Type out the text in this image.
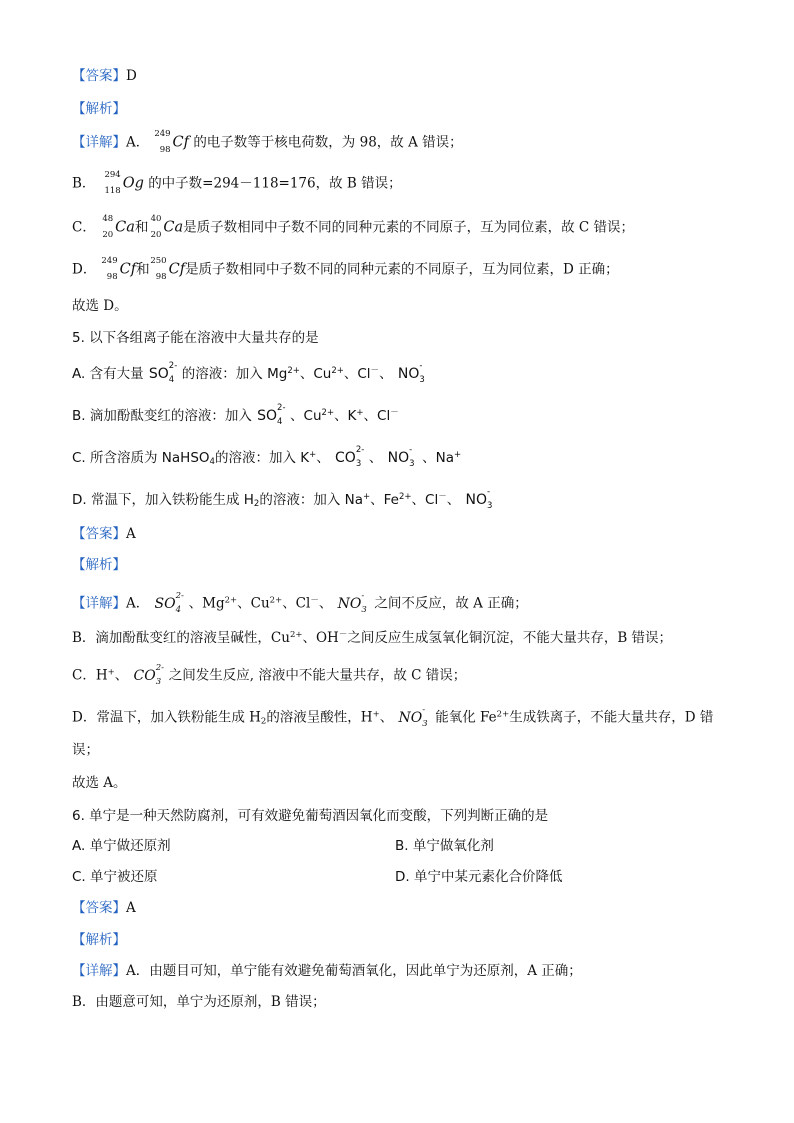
【答案】D
【解析】
【详解】A．
249
98 Cf 的电子数等于核电荷数，为 98，故 A 错误；
B．
294
118 Og 的中子数=294－118=176，故 B 错误；
C．
48
20 Ca和
40
20 Ca是质子数相同中子数不同的同种元素的不同原子，互为同位素，故 C 错误；
D．
249
98 Cf和
250
98 Cf是质子数相同中子数不同的同种元素的不同原子，互为同位素，D 正确；
故选 D。
5. 以下各组离子能在溶液中大量共存的是
A. 含有大量 SO 2-
4 的溶液：加入 $Mg^{2+}$、$Cu^{2+}$、Cl－、 NO -
3
B. 滴加酚酞变红的溶液：加入 SO 2-
4 、$Cu^{2+}$、K+、Cl－
C. 所含溶质为 NaHSO$_4$的溶液：加入 K+、 CO 2-
3 、 NO -
3 、Na+
D. 常温下，加入铁粉能生成 $H_2$的溶液：加入 Na+、$Fe^{2+}$、Cl－、 NO -
3
【答案】A
【解析】
【详解】A． SO 2-
4 、$Mg^{2+}$、$Cu^{2+}$、Cl－、 NO -
3 之间不反应，故 A 正确；
B．滴加酚酞变红的溶液呈碱性，$Cu^{2+}$、OH－之间反应生成氢氧化铜沉淀，不能大量共存，B 错误；
C．H+、 CO 2-
3 之间发生反应, 溶液中不能大量共存，故 C 错误；
D．常温下，加入铁粉能生成 $H_2$的溶液呈酸性，H+、 NO -
3 能氧化 $Fe^{2+}$生成铁离子，不能大量共存，D 错
误；
故选 A。
6. 单宁是一种天然防腐剂，可有效避免葡萄酒因氧化而变酸，下列判断正确的是
A. 单宁做还原剂	B. 单宁做氧化剂
C. 单宁被还原	D. 单宁中某元素化合价降低
【答案】A
【解析】
【详解】A．由题目可知，单宁能有效避免葡萄酒氧化，因此单宁为还原剂，A 正确；
B．由题意可知，单宁为还原剂，B 错误；
